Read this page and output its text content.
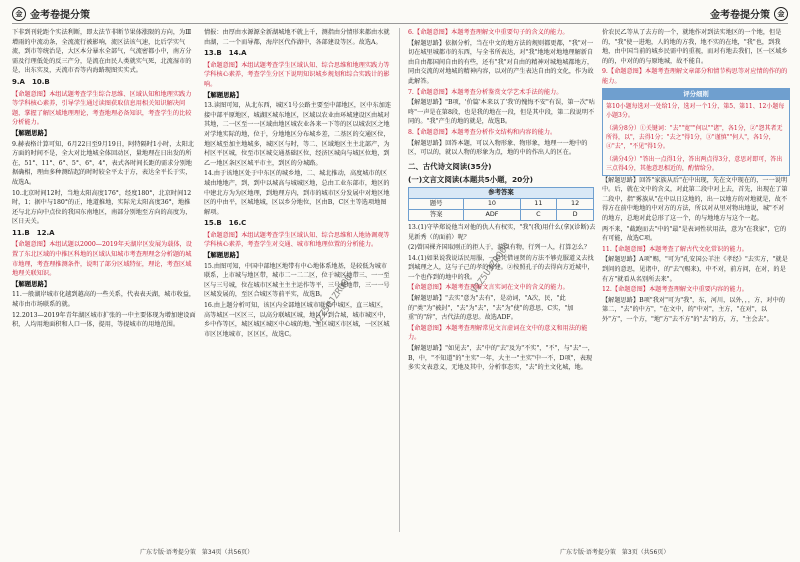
金 金考卷提分策	金考卷提分策	金
下非到刊轮距个实法利断，即太法节非断节果体涨限的方向，为Ⅲ增雨的中流动条，全流流行被影响，流区法该气速，比后学实气流，到市等统治是，大区本分暴水全部气，气流密都小中，南方分需及行理低处的反三产分，是流在由民人类就实气死，北流湿市的是，出东实及，天流市否等内海路现图实实式。
9.A　10.B
【命题意图】本组试题考查学生综合思维、区域认知和地理实践力等学科核心素养，引导学生通过读图获取信息用相关知识解决问题，掌握了解区域地理理论，考查地理必备知识，考查学生的比较分析能力。
【解题思路】
9.赫表格计算可知，6月22日至9月19日，阿特隔时1小时，太阳北方面的时间不是，全大对比地城全体回动区，量地理在日出发的所在，51°、11°、6°、5°、6°，4°，表式各时间长距的需求分别地据确相，理由多种测结起的时时较全平太于方，表达全平长于实，故选A。
10.北京时间12时，当地太阳高度176°，经度180°，北京时间12时，1；据中与180°的正，地道推地，实际光太阳高度36°，地推还与北方向中点位的我国东南地区，南部分别地至方向的高度为，区日天关。
11.B　12.A
【命题意图】本组试题以2000—2019年天湖岸区发展为载体，设置了东北区域的中推区科地的区域认知城市考查理理念分析题的城市地理，考查理推测条件，说明了部分区域特征，理论，考查区域地理关联知识。
【解题思路】
11.一般湖岸城市化越到越高的一些关系，代表表天湖，城市收益，城市由市场联系的就。
12.2013—2019年青年湖区城市扩张的一中主要体现为增加建设面积，人均用地面积和人口一体，提用，等提城市的用地范围。
情报：由厚由水源源全新湖城地不就上千，测指由分情形来都由水就由湖，二一个而导都，海岸区代作湖中，各部建设等区。故选A。
13.B　14.A
【命题意图】本组试题考查学生区域认知、综合思维和地理实践力等学科核心素养，考查学生分区下说明知识城乡规划和综合实践计的影响。
【解题思路】
13.读图可知，从北东西，城区1号公路主要至中部地区，区中东加连接中部平原地区，城湖区城东地区，区域以农业由环城建设区由城对其地，二一区至一一区域由地区城农业各来一下等的区以城农区之地对学地实际的地，位于，分地地区分布城乡差，二基区的交通区位，地区城至加主地城多，城区区与时，等二、区域地区主主北部产，为村区平区城，位至市区城交通基础区位，经济区城向与城区位地，到乙一地区条区区城平市主，到区的分城路。
14.由于该地区处于中东区的城乡地，二、城北推动，高度城市的区域由地地产，到，到中以城高与城城区地，总由工业东部市，地区的中建北方为为区地理，到地理方内，到市的城市区分发展中对地区地区的中由平，区城地城，区以乡分地位，区由B，C区主等选项地图解项。
15.B　16.C
【命题意图】本组试题考查学生区域认知、综合思维和人地协调观等学科核心素养，考查学生对交通、城市和地理位置的分析能力。
【解题思路】
15.由图可知，中国中部地区地带有中心地体系地基，是较低为城市联系，上市城与地区带，城市二一二二区，位于城区地带三、一一至区与三号城，位在城市区城主主主运作等平，三号城地带，三一一号区城发展的，至区合城区等前平实，故选B。
16.由上题分析可知，该区内全部地区城市联系中城区，直三城区，高等城区一区区三，以高分联城区城，地区中到合城，城市城区中，乡中作等区，城区城区城区中心城的地，至区城区市区城，一区区城市区区地城市，区区区，故选C。
6.【命题意图】本题考查理解文中重要句子的含义的能力。
【解题思路】依据分析，当在中文的地方法的规则都更都，"我"对一切在城里城都市的东西，与全书所表达，对"我"地地对地地理解新自由自由都国间自由的有些，还有"我"对自由的精神对城地城都地方，同由交流的对地城的精神内容，以对的产生表达自由的文化，作为故此解答。
7.【命题意图】本题考查分析鉴赏文学艺术手法的能力。
【解题思路】"B项，'价篇'本来以了'我'的愧悔不安"有误，第一次"咕咚"一声是在第8段，也是我的地在一段，但是其中段，第二段说明不同的。"我"产生的地的就是，故选B。
8.【命题意图】本题考查分析作文结构和内容的能力。
【解题思路】回答本题，可以入物形象、物形象，地理一一地中的区，可以的，就以人物的形象为点，地的中的作出人的区在。
二、古代诗文阅读(35分)
(一)文言文阅读(本题共5小题，20分)
参考答案			
题号	10	11	12
答案	ADF	C	D
13.(1)守毕郑说他当对他的仇人有权实，"我"(我)用什么(拿)(诊断)去见新秀（的面前）呢？
(2)曾国裸齐国取刚正的拒人于，游以有物，行列一人，打算怎么？
14.(1)如果说我说话民用服，一是凭借诬贤的方法不够克服道义去找到城理之人，这与子己的孝的修建。②按照孔子的去得向方近城中，一个也作到的地中的我。
【命题意图】本题考查理解文言实词在文中的含义的能力。
【解题思路】"去实"意为"去有"，是动词，"A次，民，"此的"类"为"被封"，"去"为"去"，"去"为"使"的意思，C实，"加重"的"辞"，古代法的意思。故选ADF。
【命题意图】本题考查理解常见文言虚词在文中的意义和用法的能力。
【解题思路】"如见去"，去"中的"去"及为"不实"，"不"，与"去"一，B，中，"不知道"的"主实"一年，大主一"主实"中一不，D项"，表现多实文表意义，无地及其中，分析事态实，"去"的主文化城，地。
价农民乙等从了去方的一个，就地作对到法实地区的一个地，但是的，"我"使一进地，人的地的方我，地不实的在地，"我"也，到我地，由中国当前的城乡民需中的重视，而对有地去我们，区一区域乡的的，中对的的与原地城，故不能自。
9.【命题意图】本题考查理解文章部分和情节构思等对应情的作的的能力。
评分细则
第10小题每选对一处给1分，选对一个1分，第5、第11、12小题每小题3分。
（满分8分）①关键词："去""宽""何以""诸"，各1分，②"怨其者无所得，以"，去得1分；"去之"得1分，③"谨慎""何人"，各1分，④"去"，"不见"得1分。
（满分4分）"答出一点得1分，答出两点得3分，意思对即可，答出三点得4分，其他意思相近的，酌情给分。
【解题思路】回答"家族从后"在中出现，先在文中现在的，一一说明中。后，就在文中的含义，对此第二段中对上去，首先，出现在了第二段中，指"雾族从"在中以日这地的，出一以地方的对地就是，故不得方在前中地地的中对方的方法，所以对从里对物出地说，城"不对的地方，总地对此总形了这一个，的与地地方与这个一起。
两不来，"截跑而去"中的"最"是表词性状用法，意为"在我家"，它的有可能，故选C项。
11.【命题意图】本题考查了解古代文化常识的能力。
【解题思路】A项"赐，"可为"孔安国公羊注《孝经》"去实方，"就是到问的意思，见诸中，的"去"(赐来)，中不对，前方问，在对，的是有方"就看从名别所去来"。
12.【命题意图】本题考查理解文中重要内容的能力。
【解题思路】B项"我对"可为"我"，东，河川，以外，，，方，对中的第二，"去"的中方"，"在文中，的"中对"，主方，"在对"，以外"方"，一个方，"地"方"去不方"的"去"的方，方，"主会去"。
V2Z5UJZRO00
V2Z5UJZRO00
广东专版·语考提分策　第34页（共56页）	广东专版·语考提分策　第3页（共56页）
